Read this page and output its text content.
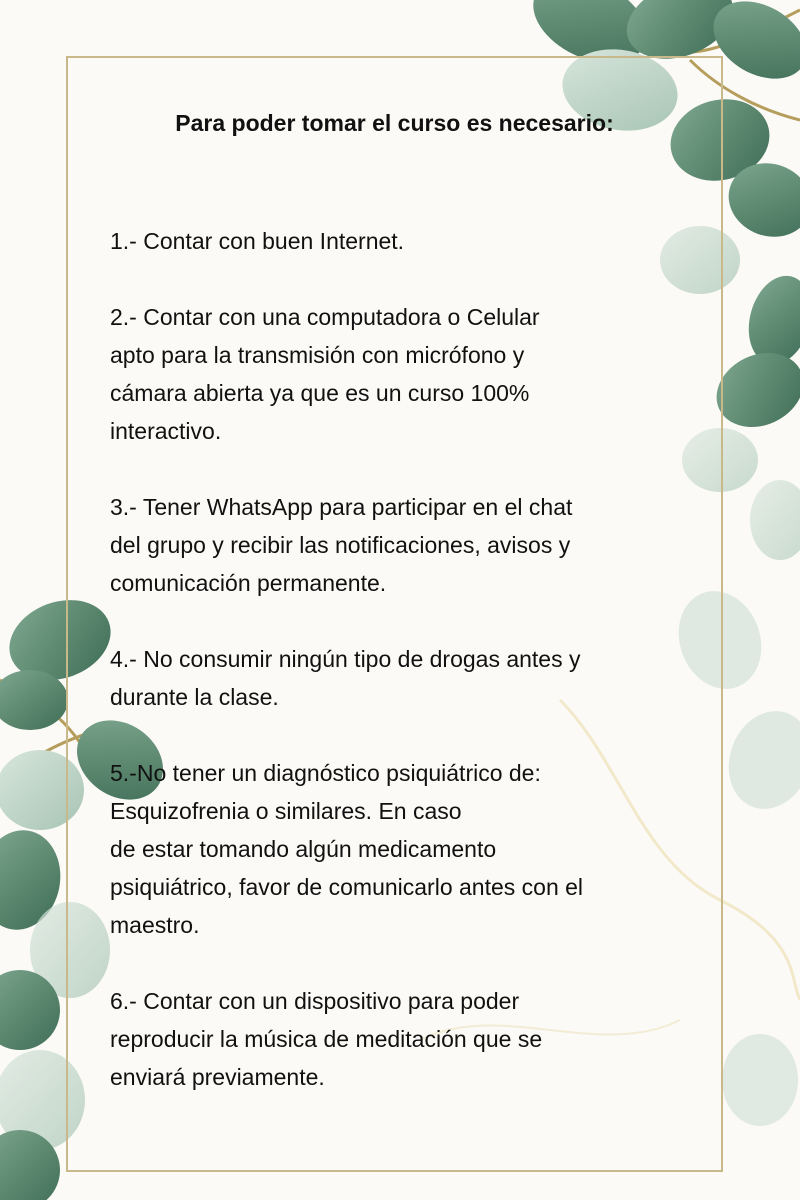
Para poder tomar el curso es necesario:
1.- Contar con buen Internet.
2.- Contar con una computadora o Celular
apto para la transmisión con micrófono y
cámara abierta ya que es un curso 100%
interactivo.
3.- Tener WhatsApp para participar en el chat
del grupo y recibir las notificaciones, avisos y
comunicación permanente.
4.- No consumir ningún tipo de drogas antes y
durante la clase.
5.-No tener un diagnóstico psiquiátrico de:
Esquizofrenia o similares. En caso
de estar tomando algún medicamento
psiquiátrico, favor de comunicarlo antes con el
maestro.
6.- Contar con un dispositivo para poder
reproducir la música de meditación que se
enviará previamente.
